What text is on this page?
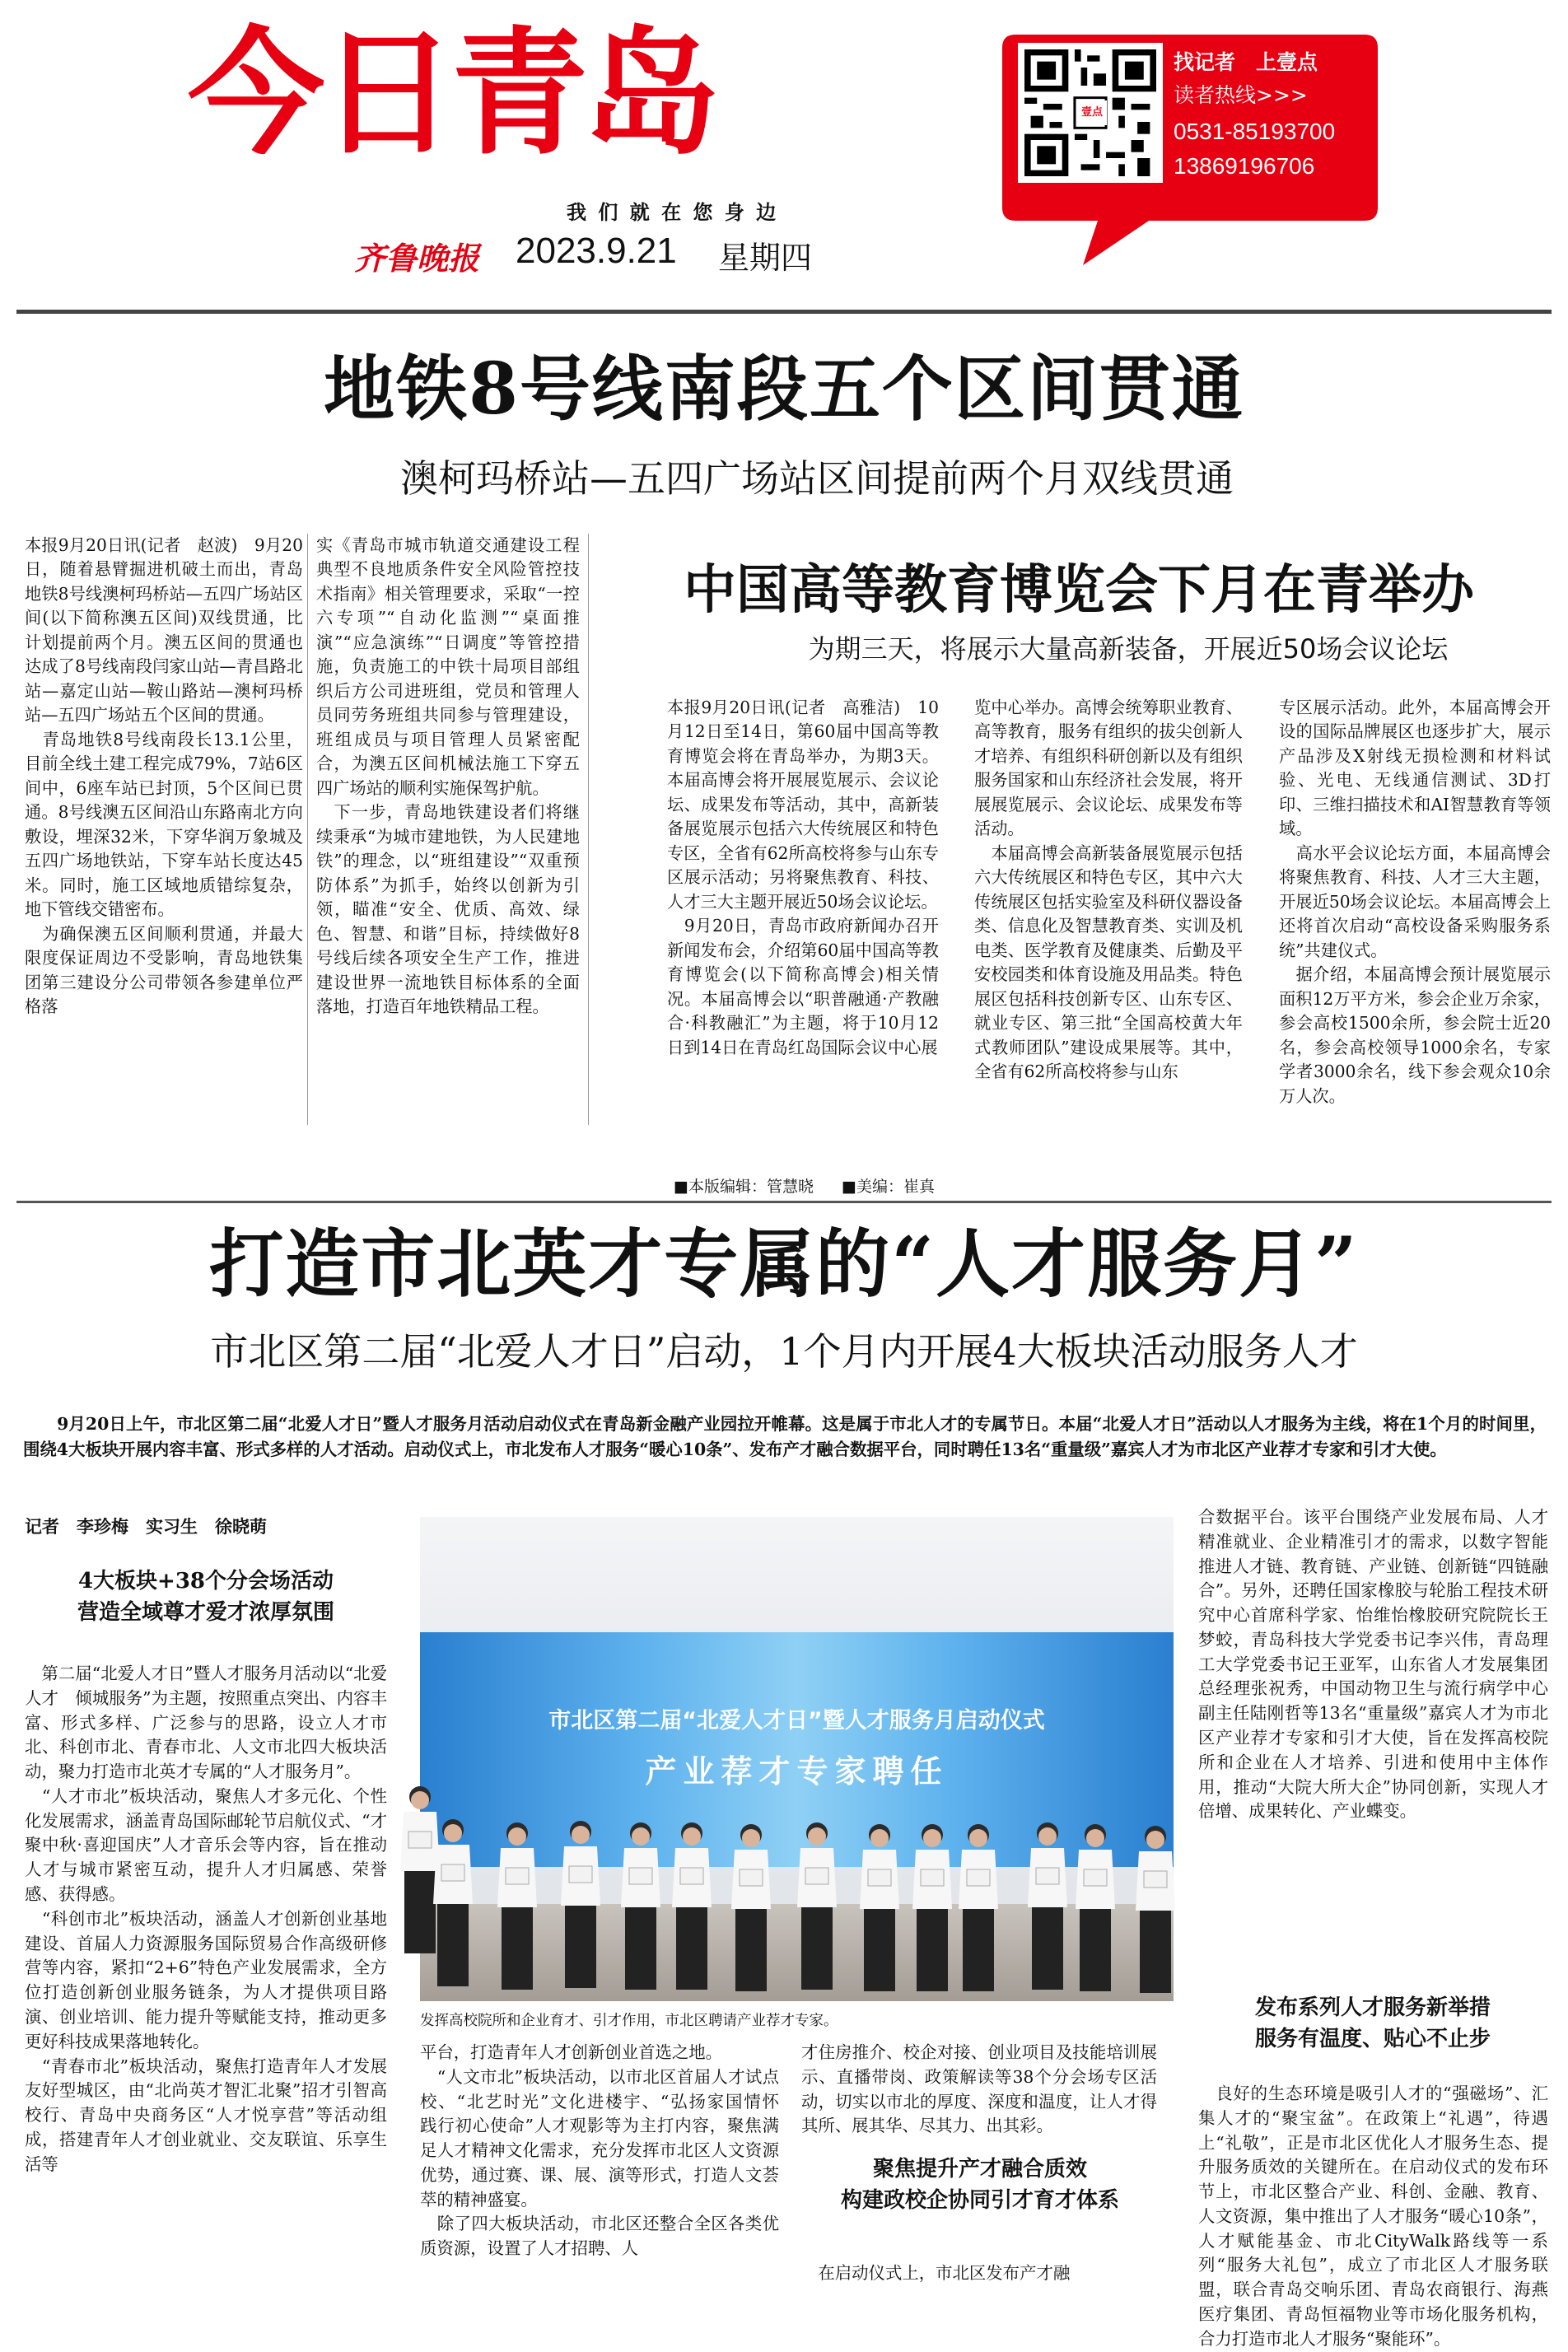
今日青岛
我 们 就 在 您 身 边
齐鲁晚报 2023.9.21 星期四
壹点
找记者　上壹点
读者热线>>>
0531-85193700
13869196706
地铁8号线南段五个区间贯通
澳柯玛桥站—五四广场站区间提前两个月双线贯通

本报9月20日讯(记者　赵波)　9月20日，随着悬臂掘进机破土而出，青岛地铁8号线澳柯玛桥站—五四广场站区间(以下简称澳五区间)双线贯通，比计划提前两个月。澳五区间的贯通也达成了8号线南段闫家山站—青昌路北站—嘉定山站—鞍山路站—澳柯玛桥站—五四广场站五个区间的贯通。
　青岛地铁8号线南段长13.1公里，目前全线土建工程完成79%，7站6区间中，6座车站已封顶，5个区间已贯通。8号线澳五区间沿山东路南北方向敷设，埋深32米，下穿华润万象城及五四广场地铁站，下穿车站长度达45米。同时，施工区域地质错综复杂，地下管线交错密布。
　为确保澳五区间顺利贯通，并最大限度保证周边不受影响，青岛地铁集团第三建设分公司带领各参建单位严格落

实《青岛市城市轨道交通建设工程典型不良地质条件安全风险管控技术指南》相关管理要求，采取“一控六专项”“自动化监测”“桌面推演”“应急演练”“日调度”等管控措施，负责施工的中铁十局项目部组织后方公司进班组，党员和管理人员同劳务班组共同参与管理建设，班组成员与项目管理人员紧密配合，为澳五区间机械法施工下穿五四广场站的顺利实施保驾护航。
　下一步，青岛地铁建设者们将继续秉承“为城市建地铁，为人民建地铁”的理念，以“班组建设”“双重预防体系”为抓手，始终以创新为引领，瞄准“安全、优质、高效、绿色、智慧、和谐”目标，持续做好8号线后续各项安全生产工作，推进建设世界一流地铁目标体系的全面落地，打造百年地铁精品工程。

中国高等教育博览会下月在青举办
为期三天，将展示大量高新装备，开展近50场会议论坛

本报9月20日讯(记者　高雅洁)　10月12日至14日，第60届中国高等教育博览会将在青岛举办，为期3天。本届高博会将开展展览展示、会议论坛、成果发布等活动，其中，高新装备展览展示包括六大传统展区和特色专区，全省有62所高校将参与山东专区展示活动；另将聚焦教育、科技、人才三大主题开展近50场会议论坛。
　9月20日，青岛市政府新闻办召开新闻发布会，介绍第60届中国高等教育博览会(以下简称高博会)相关情况。本届高博会以“职普融通·产教融合·科教融汇”为主题，将于10月12日到14日在青岛红岛国际会议中心展

览中心举办。高博会统筹职业教育、高等教育，服务有组织的拔尖创新人才培养、有组织科研创新以及有组织服务国家和山东经济社会发展，将开展展览展示、会议论坛、成果发布等活动。
　本届高博会高新装备展览展示包括六大传统展区和特色专区，其中六大传统展区包括实验室及科研仪器设备类、信息化及智慧教育类、实训及机电类、医学教育及健康类、后勤及平安校园类和体育设施及用品类。特色展区包括科技创新专区、山东专区、就业专区、第三批“全国高校黄大年式教师团队”建设成果展等。其中，全省有62所高校将参与山东

专区展示活动。此外，本届高博会开设的国际品牌展区也逐步扩大，展示产品涉及X射线无损检测和材料试验、光电、无线通信测试、3D打印、三维扫描技术和AI智慧教育等领域。
　高水平会议论坛方面，本届高博会将聚焦教育、科技、人才三大主题，开展近50场会议论坛。本届高博会上还将首次启动“高校设备采购服务系统”共建仪式。
　据介绍，本届高博会预计展览展示面积12万平方米，参会企业万余家，参会高校1500余所，参会院士近20名，参会高校领导1000余名，专家学者3000余名，线下参会观众10余万人次。

■本版编辑：管慧晓 ■美编：崔真
打造市北英才专属的“人才服务月”
市北区第二届“北爱人才日”启动，1个月内开展4大板块活动服务人才

　　9月20日上午，市北区第二届“北爱人才日”暨人才服务月活动启动仪式在青岛新金融产业园拉开帷幕。这是属于市北人才的专属节日。本届“北爱人才日”活动以人才服务为主线，将在1个月的时间里，围绕4大板块开展内容丰富、形式多样的人才活动。启动仪式上，市北发布人才服务“暖心10条”、发布产才融合数据平台，同时聘任13名“重量级”嘉宾人才为市北区产业荐才专家和引才大使。

记者　李珍梅　实习生　徐晓萌
4大板块+38个分会场活动
营造全域尊才爱才浓厚氛围

　第二届“北爱人才日”暨人才服务月活动以“北爱人才　倾城服务”为主题，按照重点突出、内容丰富、形式多样、广泛参与的思路，设立人才市北、科创市北、青春市北、人文市北四大板块活动，聚力打造市北英才专属的“人才服务月”。
　“人才市北”板块活动，聚焦人才多元化、个性化发展需求，涵盖青岛国际邮轮节启航仪式、“才聚中秋·喜迎国庆”人才音乐会等内容，旨在推动人才与城市紧密互动，提升人才归属感、荣誉感、获得感。
　“科创市北”板块活动，涵盖人才创新创业基地建设、首届人力资源服务国际贸易合作高级研修营等内容，紧扣“2+6”特色产业发展需求，全方位打造创新创业服务链条，为人才提供项目路演、创业培训、能力提升等赋能支持，推动更多更好科技成果落地转化。
　“青春市北”板块活动，聚焦打造青年人才发展友好型城区，由“北尚英才智汇北聚”招才引智高校行、青岛中央商务区“人才悦享营”等活动组成，搭建青年人才创业就业、交友联谊、乐享生活等

市北区第二届“北爱人才日”暨人才服务月启动仪式
产业荐才专家聘任
发挥高校院所和企业育才、引才作用，市北区聘请产业荐才专家。

平台，打造青年人才创新创业首选之地。
　“人文市北”板块活动，以市北区首届人才试点校、“北艺时光”文化进楼宇、“弘扬家国情怀　践行初心使命”人才观影等为主打内容，聚焦满足人才精神文化需求，充分发挥市北区人文资源优势，通过赛、课、展、演等形式，打造人文荟萃的精神盛宴。
　除了四大板块活动，市北区还整合全区各类优质资源，设置了人才招聘、人

才住房推介、校企对接、创业项目及技能培训展示、直播带岗、政策解读等38个分会场专区活动，切实以市北的厚度、深度和温度，让人才得其所、展其华、尽其力、出其彩。

聚焦提升产才融合质效
构建政校企协同引才育才体系

　在启动仪式上，市北区发布产才融

合数据平台。该平台围绕产业发展布局、人才精准就业、企业精准引才的需求，以数字智能推进人才链、教育链、产业链、创新链“四链融合”。另外，还聘任国家橡胶与轮胎工程技术研究中心首席科学家、怡维怡橡胶研究院院长王梦蛟，青岛科技大学党委书记李兴伟，青岛理工大学党委书记王亚军，山东省人才发展集团总经理张祝秀，中国动物卫生与流行病学中心副主任陆刚哲等13名“重量级”嘉宾人才为市北区产业荐才专家和引才大使，旨在发挥高校院所和企业在人才培养、引进和使用中主体作用，推动“大院大所大企”协同创新，实现人才倍增、成果转化、产业蝶变。

发布系列人才服务新举措
服务有温度、贴心不止步

　良好的生态环境是吸引人才的“强磁场”、汇集人才的“聚宝盆”。在政策上“礼遇”，待遇上“礼敬”，正是市北区优化人才服务生态、提升服务质效的关键所在。在启动仪式的发布环节上，市北区整合产业、科创、金融、教育、人文资源，集中推出了人才服务“暖心10条”，人才赋能基金、市北CityWalk路线等一系列“服务大礼包”，成立了市北区人才服务联盟，联合青岛交响乐团、青岛农商银行、海燕医疗集团、青岛恒福物业等市场化服务机构，合力打造市北人才服务“聚能环”。
